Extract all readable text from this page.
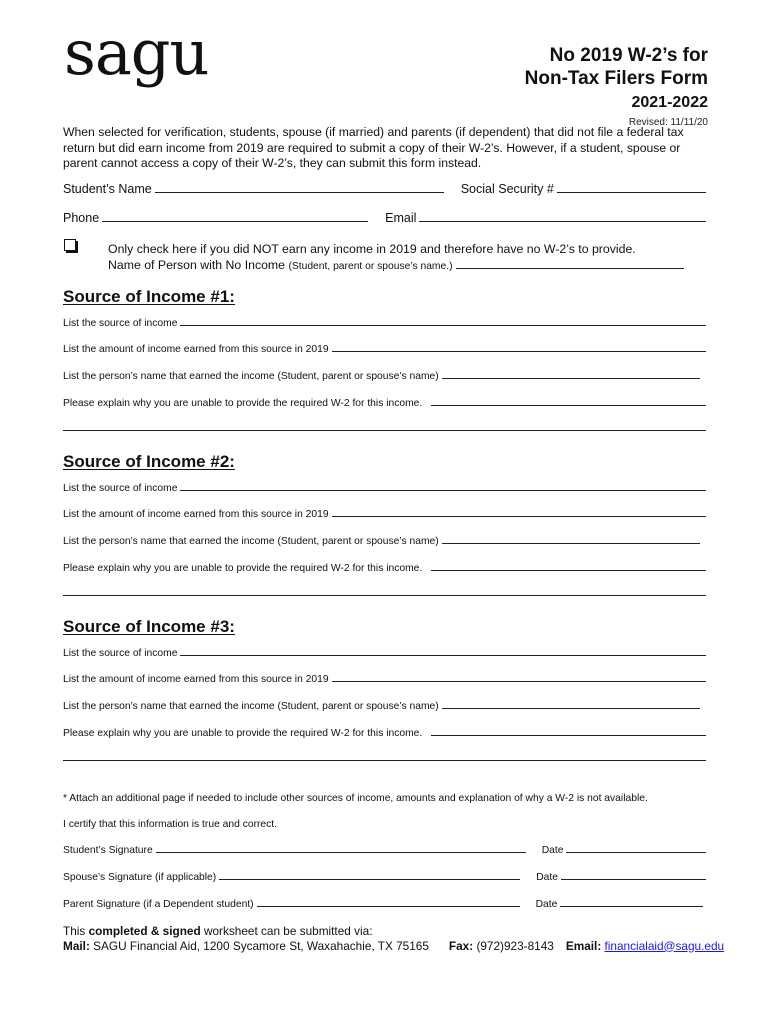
sagu	No 2019 W-2’s for
Non-Tax Filers Form
2021-2022
Revised: 11/11/20
When selected for verification, students, spouse (if married) and parents (if dependent) that did not file a federal tax return but did earn income from 2019 are required to submit a copy of their W-2’s. However, if a student, spouse or parent cannot access a copy of their W-2’s, they can submit this form instead.
Student’s Name	Social Security #
Phone	Email
Only check here if you did NOT earn any income in 2019 and therefore have no W-2’s to provide.
Name of Person with No Income (Student, parent or spouse’s name.)
Source of Income #1:
List the source of income
List the amount of income earned from this source in 2019
List the person’s name that earned the income (Student, parent or spouse’s name)
Please explain why you are unable to provide the required W-2 for this income.
Source of Income #2:
List the source of income
List the amount of income earned from this source in 2019
List the person’s name that earned the income (Student, parent or spouse’s name)
Please explain why you are unable to provide the required W-2 for this income.
Source of Income #3:
List the source of income
List the amount of income earned from this source in 2019
List the person’s name that earned the income (Student, parent or spouse’s name)
Please explain why you are unable to provide the required W-2 for this income.
* Attach an additional page if needed to include other sources of income, amounts and explanation of why a W-2 is not available.
I certify that this information is true and correct.
Student’s Signature	Date
Spouse’s Signature (if applicable)	Date
Parent Signature (if a Dependent student)	Date
This completed & signed worksheet can be submitted via:
Mail: SAGU Financial Aid, 1200 Sycamore St, Waxahachie, TX 75165 Fax: (972)923-8143 Email: financialaid@sagu.edu
